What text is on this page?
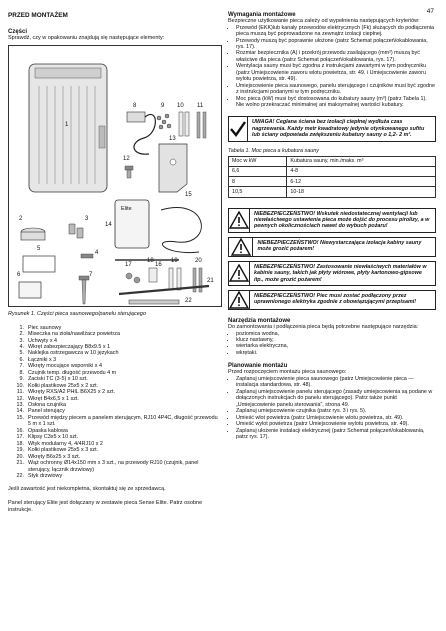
47
PRZED MONTAŻEM
Części
Sprawdź, czy w opakowaniu znajdują się następujące elementy:
1
2	3
4
5
6	7
8	9 10 11
12
13
14
15
16
17
18	19	20
21
22
Elite
Rysunek 1. Części pieca saunowego/panelu sterującego
1. Piec saunowy
2. Miseczka na zioła/nawilżacz powietrza
3. Uchwyty x 4
4. Wkręt zabezpieczający B8x9.5 x 1
5. Naklejka ostrzegawcza w 10 językach
6. Łączniki x 3
7. Wkręty mocujące wsporniki x 4
8. Czujnik temp. długość przewodu 4 m
9. Zaciski TC (3-5) x 10 szt.
10. Kołki plastikowe 25x5 x 2 szt.
11. Wkręty RXS/A2 PHIL B6X25 x 2 szt.
12. Wkręt B4x6,5 x 1 szt.
13. Osłona czujnika
14. Panel sterujący
15. Przewód między piecem a panelem sterującym, RJ10 4P4C, długość przewodu 5 m x 1 szt.
16. Opaska kablowa
17. Klipsy C3x5 x 10 szt.
18. Wtyk modularny 4, 4/4RJ10 x 2
19. Kołki plastikowe 25x5 x 3 szt.
20. Wkręty B6x25 x 3 szt.
21. Wąż ochronny Ø14x150 mm x 3 szt., na przewody RJ10 (czujnik, panel sterujący, łącznik drzwiowy)
22. Styk drzwiowy
Jeśli zawartość jest niekompletna, skontaktuj się ze sprzedawcą.
Panel sterujący Elite jest dołączany w zestawie pieca Sense Elite. Patrz osobne instrukcje.
Wymagania montażowe
Bezpieczne użytkowanie pieca zależy od wypełnienia następujących kryteriów:
• Przewód (EKK)lub kanały przewodów elektrycznych (Fk) służących do podłączenia pieca muszą być poprowadzone na zewnątrz izolacji ciepłnej.
• Przewody muszą być poprawnie ułożone (patrz Schemat połączeń/okablowania, rys. 17).
• Rozmiar bezpiecznika (A) i przekrój przewodu zasilającego (mm²) muszą być właściwe dla pieca (patrz Schemat połączeń/okablowania, rys. 17).
• Wentylacja sauny musi być zgodna z instrukcjami zawartymi w tym podręczniku (patrz Umiejscowienie zaworu wlotu powietrza, str. 49. i Umiejscowienie zaworu wylotu powietrza, str. 49).
• Umiejscowienie pieca saunowego, panelu sterującego i czujników musi być zgodne z instrukcjami podanymi w tym podręczniku.
• Moc pieca (kW) musi być dostosowana do kubatury sauny (m³) (patrz Tabela 1). Nie wolno przekraczać minimalnej ani maksymalnej wartości kubatury.
UWAGA! Ceglana ściana bez izolacji ciepłnej wydłuża czas nagrzewania. Każdy metr kwadratowy jedynie otynkowanego sufitu lub ściany odpowiada zwiększeniu kubatury sauny o 1,2- 2 m³.
Tabela 1. Moc pieca a kubatura sauny
Moc w kW	Kubatura sauny, min./maks. m³
6,6	4-8
8	6-12
10,5	10-18
NIEBEZPIECZEŃSTWO! Wskutek niedostatecznej wentylacji lub niewłaściwego ustawienia pieca może dojść do procesu pirolizy, a w pewnych okolicznościach nawet do wybuch pożaru!
NIEBEZPIECZEŃSTWO! Niewystarczająca izolacja kabiny sauny może grozić pożarem!
NIEBEZPIECZEŃSTWO! Zastosowanie niewłaściwych materiałów w kabinie sauny, takich jak płyty wiórowe, płyty kartonowo-gipsowe itp., może grozić pożarem!
NIEBEZPIECZEŃSTWO! Piec musi zostać podłączony przez uprawnionego elektryka zgodnie z obowiązującymi przepisami!
Narzędzia montażowe
Do zamontowania i podłączenia pieca będą potrzebne następujące narzędzia:
• poziomica wodna,
• klucz nastawny,
• wiertarka elektryczna,
• wkrętaki.
Planowanie montażu
Przed rozpoczęciem montażu pieca saunowego:
• Zaplanuj umiejscowienie pieca saunowego (patrz Umiejscowienie pieca — instalacja standardowa, str. 48).
• Zaplanuj umiejscowienie panelu sterującego (zasady umiejscowienia są podane w dołączonych instrukcjach do panelu sterującego). Patrz także punkt „Umiejscowienie panelu sterowania”, strona 49.
• Zaplanuj umiejscowienie czujnika (patrz rys. 3 i rys. 5).
• Umieść wlot powietrza (patrz Umiejscowienie wlotu powietrza, str. 49).
• Umieść wylot powietrza (patrz Umiejscowienie wylotu powietrza, str. 49).
• Zaplanuj ułożenie instalacji elektrycznej (patrz Schemat połączeń/okablowania, patrz rys. 17).
